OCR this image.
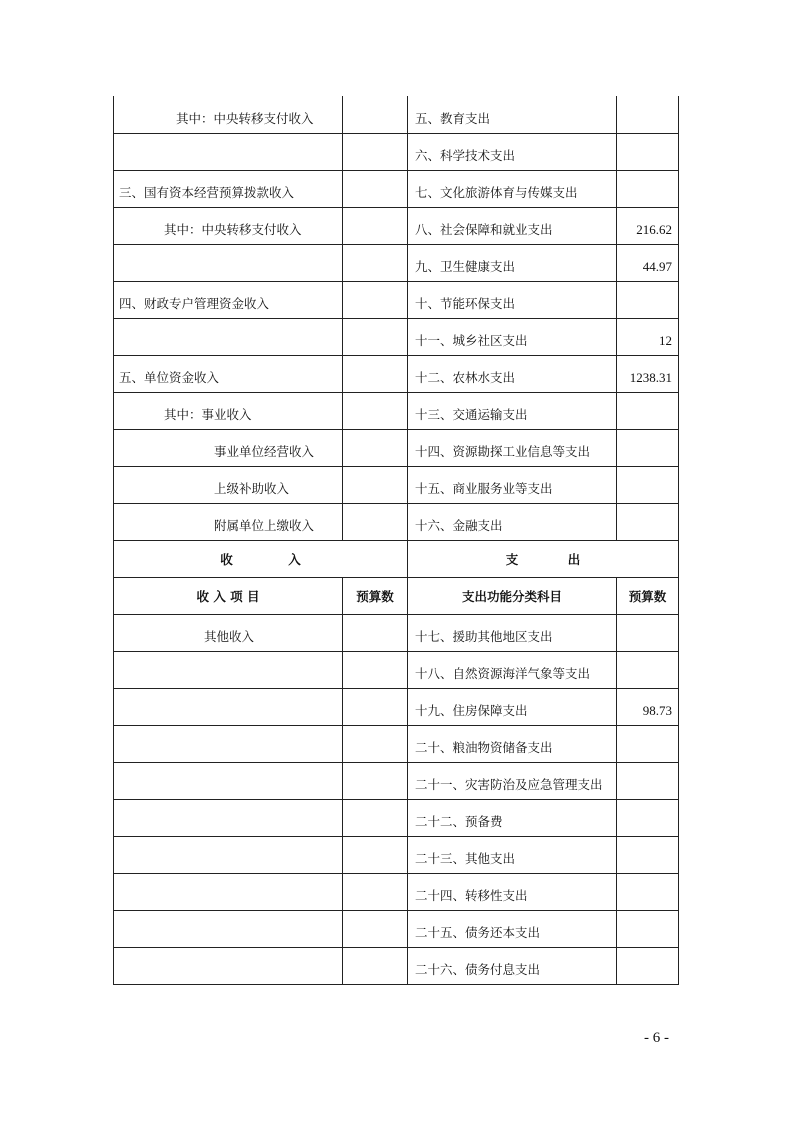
其中：中央转移支付收入		五、教育支出	
		六、科学技术支出	
三、国有资本经营预算拨款收入		七、文化旅游体育与传媒支出	
其中：中央转移支付收入		八、社会保障和就业支出	216.62
		九、卫生健康支出	44.97
四、财政专户管理资金收入		十、节能环保支出	
		十一、城乡社区支出	12
五、单位资金收入		十二、农林水支出	1238.31
其中：事业收入		十三、交通运输支出	
事业单位经营收入		十四、资源勘探工业信息等支出	
上级补助收入		十五、商业服务业等支出	
附属单位上缴收入		十六、金融支出	
收 入		支 出	
收 入 项 目	预算数	支出功能分类科目	预算数
其他收入		十七、援助其他地区支出	
		十八、自然资源海洋气象等支出	
		十九、住房保障支出	98.73
		二十、粮油物资储备支出	
		二十一、灾害防治及应急管理支出	
		二十二、预备费	
		二十三、其他支出	
		二十四、转移性支出	
		二十五、债务还本支出	
		二十六、债务付息支出	
- 6 -
